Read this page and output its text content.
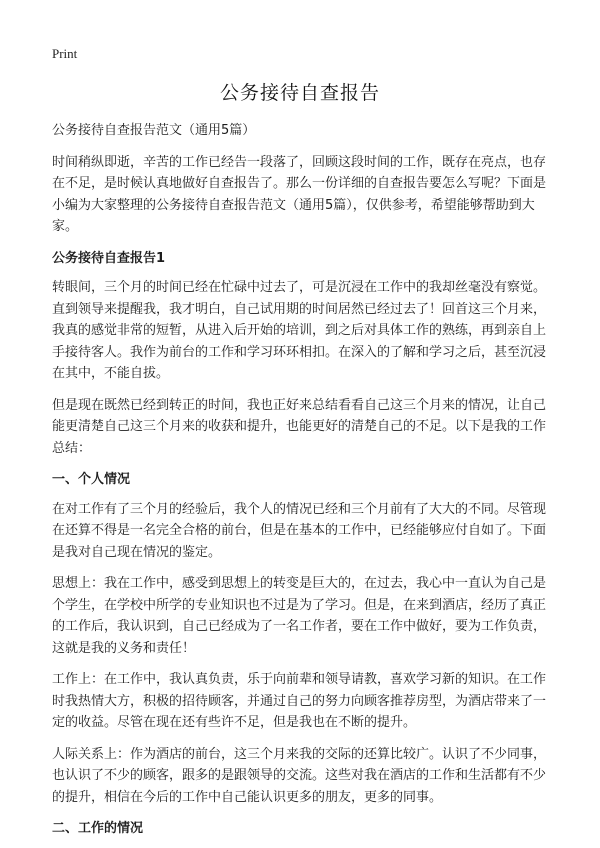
Print
公务接待自查报告

公务接待自查报告范文（通用5篇）

时间稍纵即逝，辛苦的工作已经告一段落了，回顾这段时间的工作，既存在亮点，也存在不足，是时候认真地做好自查报告了。那么一份详细的自查报告要怎么写呢？下面是小编为大家整理的公务接待自查报告范文（通用5篇），仅供参考，希望能够帮助到大家。

公务接待自查报告1

转眼间，三个月的时间已经在忙碌中过去了，可是沉浸在工作中的我却丝毫没有察觉。直到领导来提醒我，我才明白，自己试用期的时间居然已经过去了！回首这三个月来，我真的感觉非常的短暂，从进入后开始的培训，到之后对具体工作的熟练，再到亲自上手接待客人。我作为前台的工作和学习环环相扣。在深入的了解和学习之后，甚至沉浸在其中，不能自拔。

但是现在既然已经到转正的时间，我也正好来总结看看自己这三个月来的情况，让自己能更清楚自己这三个月来的收获和提升，也能更好的清楚自己的不足。以下是我的工作总结：

一、个人情况

在对工作有了三个月的经验后，我个人的情况已经和三个月前有了大大的不同。尽管现在还算不得是一名完全合格的前台，但是在基本的工作中，已经能够应付自如了。下面是我对自己现在情况的鉴定。

思想上：我在工作中，感受到思想上的转变是巨大的，在过去，我心中一直认为自己是个学生，在学校中所学的专业知识也不过是为了学习。但是，在来到酒店，经历了真正的工作后，我认识到，自己已经成为了一名工作者，要在工作中做好，要为工作负责，这就是我的义务和责任！

工作上：在工作中，我认真负责，乐于向前辈和领导请教，喜欢学习新的知识。在工作时我热情大方，积极的招待顾客，并通过自己的努力向顾客推荐房型，为酒店带来了一定的收益。尽管在现在还有些许不足，但是我也在不断的提升。

人际关系上：作为酒店的前台，这三个月来我的交际的还算比较广。认识了不少同事，也认识了不少的顾客，跟多的是跟领导的交流。这些对我在酒店的工作和生活都有不少的提升，相信在今后的工作中自己能认识更多的朋友，更多的同事。

二、工作的情况
